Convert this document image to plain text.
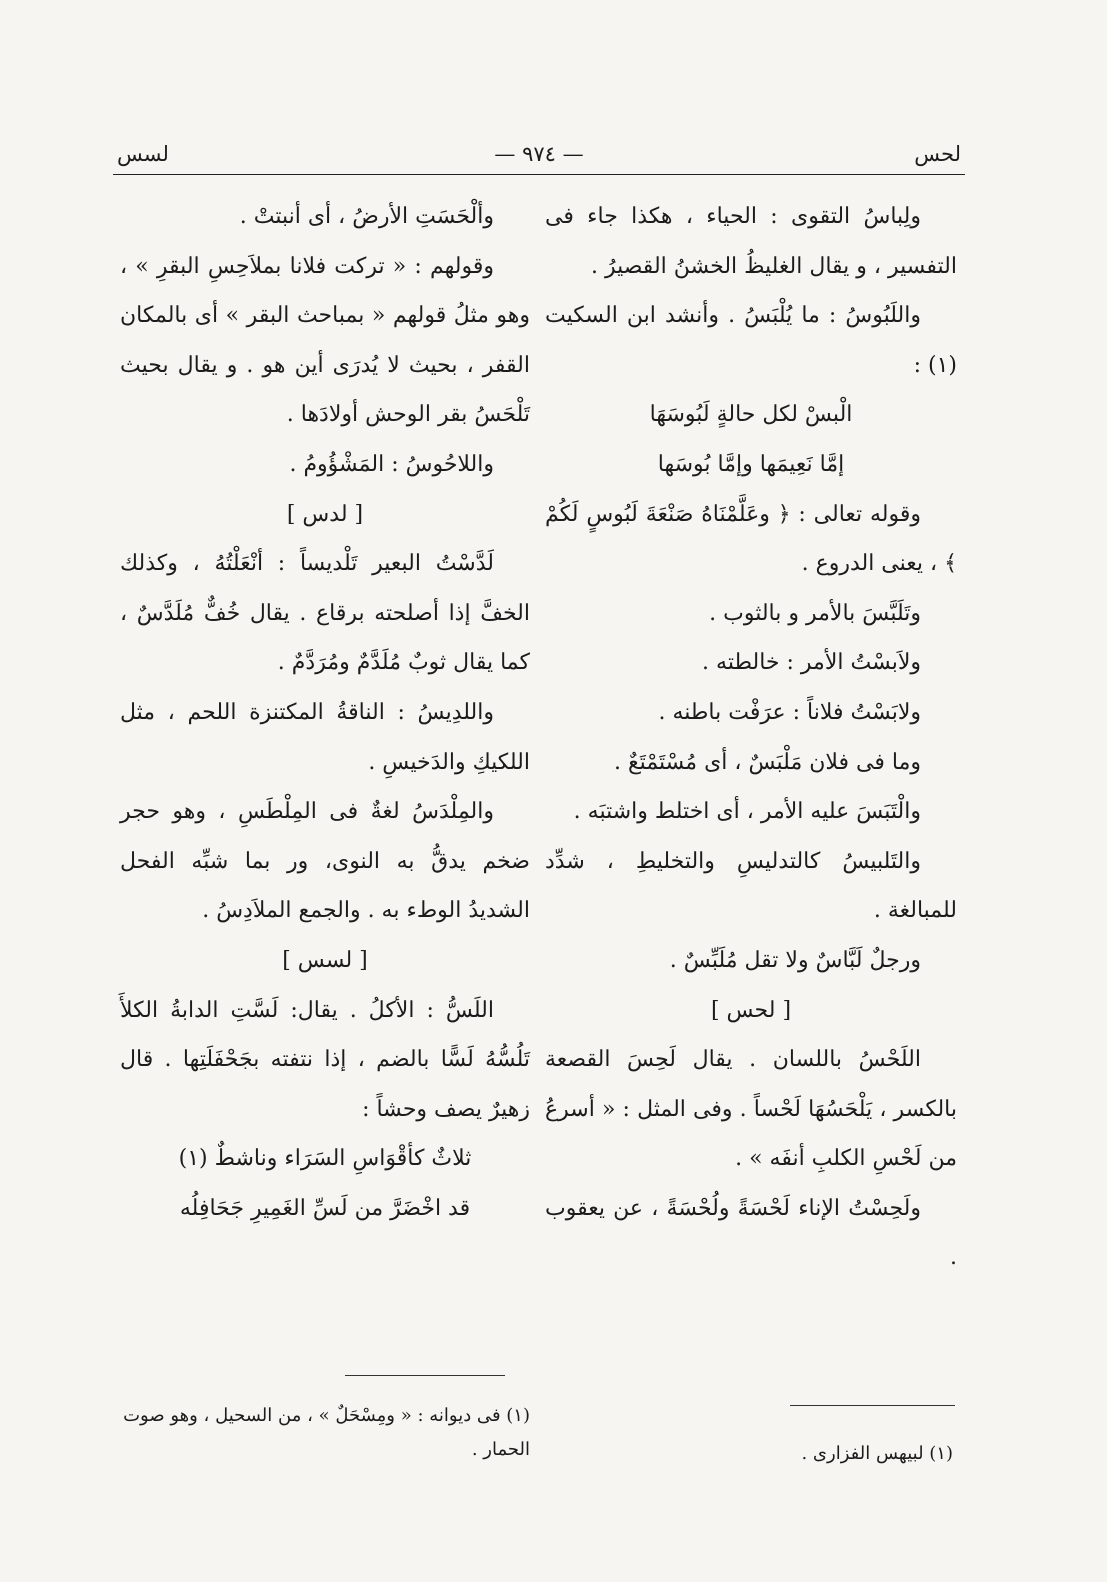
لحس
— ٩٧٤ —
لسس

ولِباسُ التقوى : الحياء ، هكذا جاء فى التفسير ، و يقال الغليظُ الخشنُ القصيرُ .

واللَبُوسُ : ما يُلْبَسُ . وأنشد ابن السكيت (١) :

الْبسْ لكل حالةٍ لَبُوسَهَا

إمَّا نَعِيمَها وإمَّا بُوسَها

وقوله تعالى : ﴿ وعَلَّمْنَاهُ صَنْعَةَ لَبُوسٍ لَكُمْ ﴾ ، يعنى الدروع .

وتَلَبَّسَ بالأمر و بالثوب .

ولاَبسْتُ الأمر : خالطته .

ولابَسْتُ فلاناً : عرَفْت باطنه .

وما فى فلان مَلْبَسٌ ، أى مُسْتَمْتَعٌ .

والْتَبَسَ عليه الأمر ، أى اختلط واشتبَه .

والتَلبيسُ كالتدليسِ والتخليطِ ، شدِّد للمبالغة .

ورجلٌ لَبَّاسٌ ولا تقل مُلَبِّسٌ .

[ لحس ]

اللَحْسُ باللسان . يقال لَحِسَ القصعة بالكسر ، يَلْحَسُهَا لَحْساً . وفى المثل : « أسرعُ من لَحْسِ الكلبِ أنفَه » .

ولَحِسْتُ الإناء لَحْسَةً ولُحْسَةً ، عن يعقوب .

وألْحَسَتِ الأرضُ ، أى أنبتتْ .

وقولهم : « تركت فلانا بملاَحِسِ البقرِ » ، وهو مثلُ قولهم « بمباحث البقر » أى بالمكان القفر ، بحيث لا يُدرَى أين هو . و يقال بحيث تَلْحَسُ بقر الوحش أولادَها .

واللاحُوسُ : المَشْؤُومُ .

[ لدس ]

لَدَّسْتُ البعير تَلْديساً : أنْعَلْتُهُ ، وكذلك الخفَّ إذا أصلحته برقاع . يقال خُفٌّ مُلَدَّسٌ ، كما يقال ثوبٌ مُلَدَّمٌ ومُرَدَّمٌ .

واللدِيسُ : الناقةُ المكتنزة اللحم ، مثل اللكيكِ والدَخيسِ .

والمِلْدَسُ لغةٌ فى المِلْطَسِ ، وهو حجر ضخم يدقُّ به النوى، ور بما شبِّه الفحل الشديدُ الوطء به . والجمع الملاَدِسُ .

[ لسس ]

اللَسُّ : الأكلُ . يقال: لَسَّتِ الدابةُ الكلأَ تَلُسُّهُ لَسًّا بالضم ، إذا نتفته بجَحْفَلَتِها . قال زهيرٌ يصف وحشاً :

ثلاثٌ كأقْوَاسِ السَرَاء وناشطٌ (١)

قد اخْضَرَّ من لَسِّ الغَمِيرِ جَحَافِلُه

(١) لبيهس الفزارى .
(١) فى ديوانه : « ومِسْحَلٌ » ، من السحيل ، وهو صوت الحمار .
